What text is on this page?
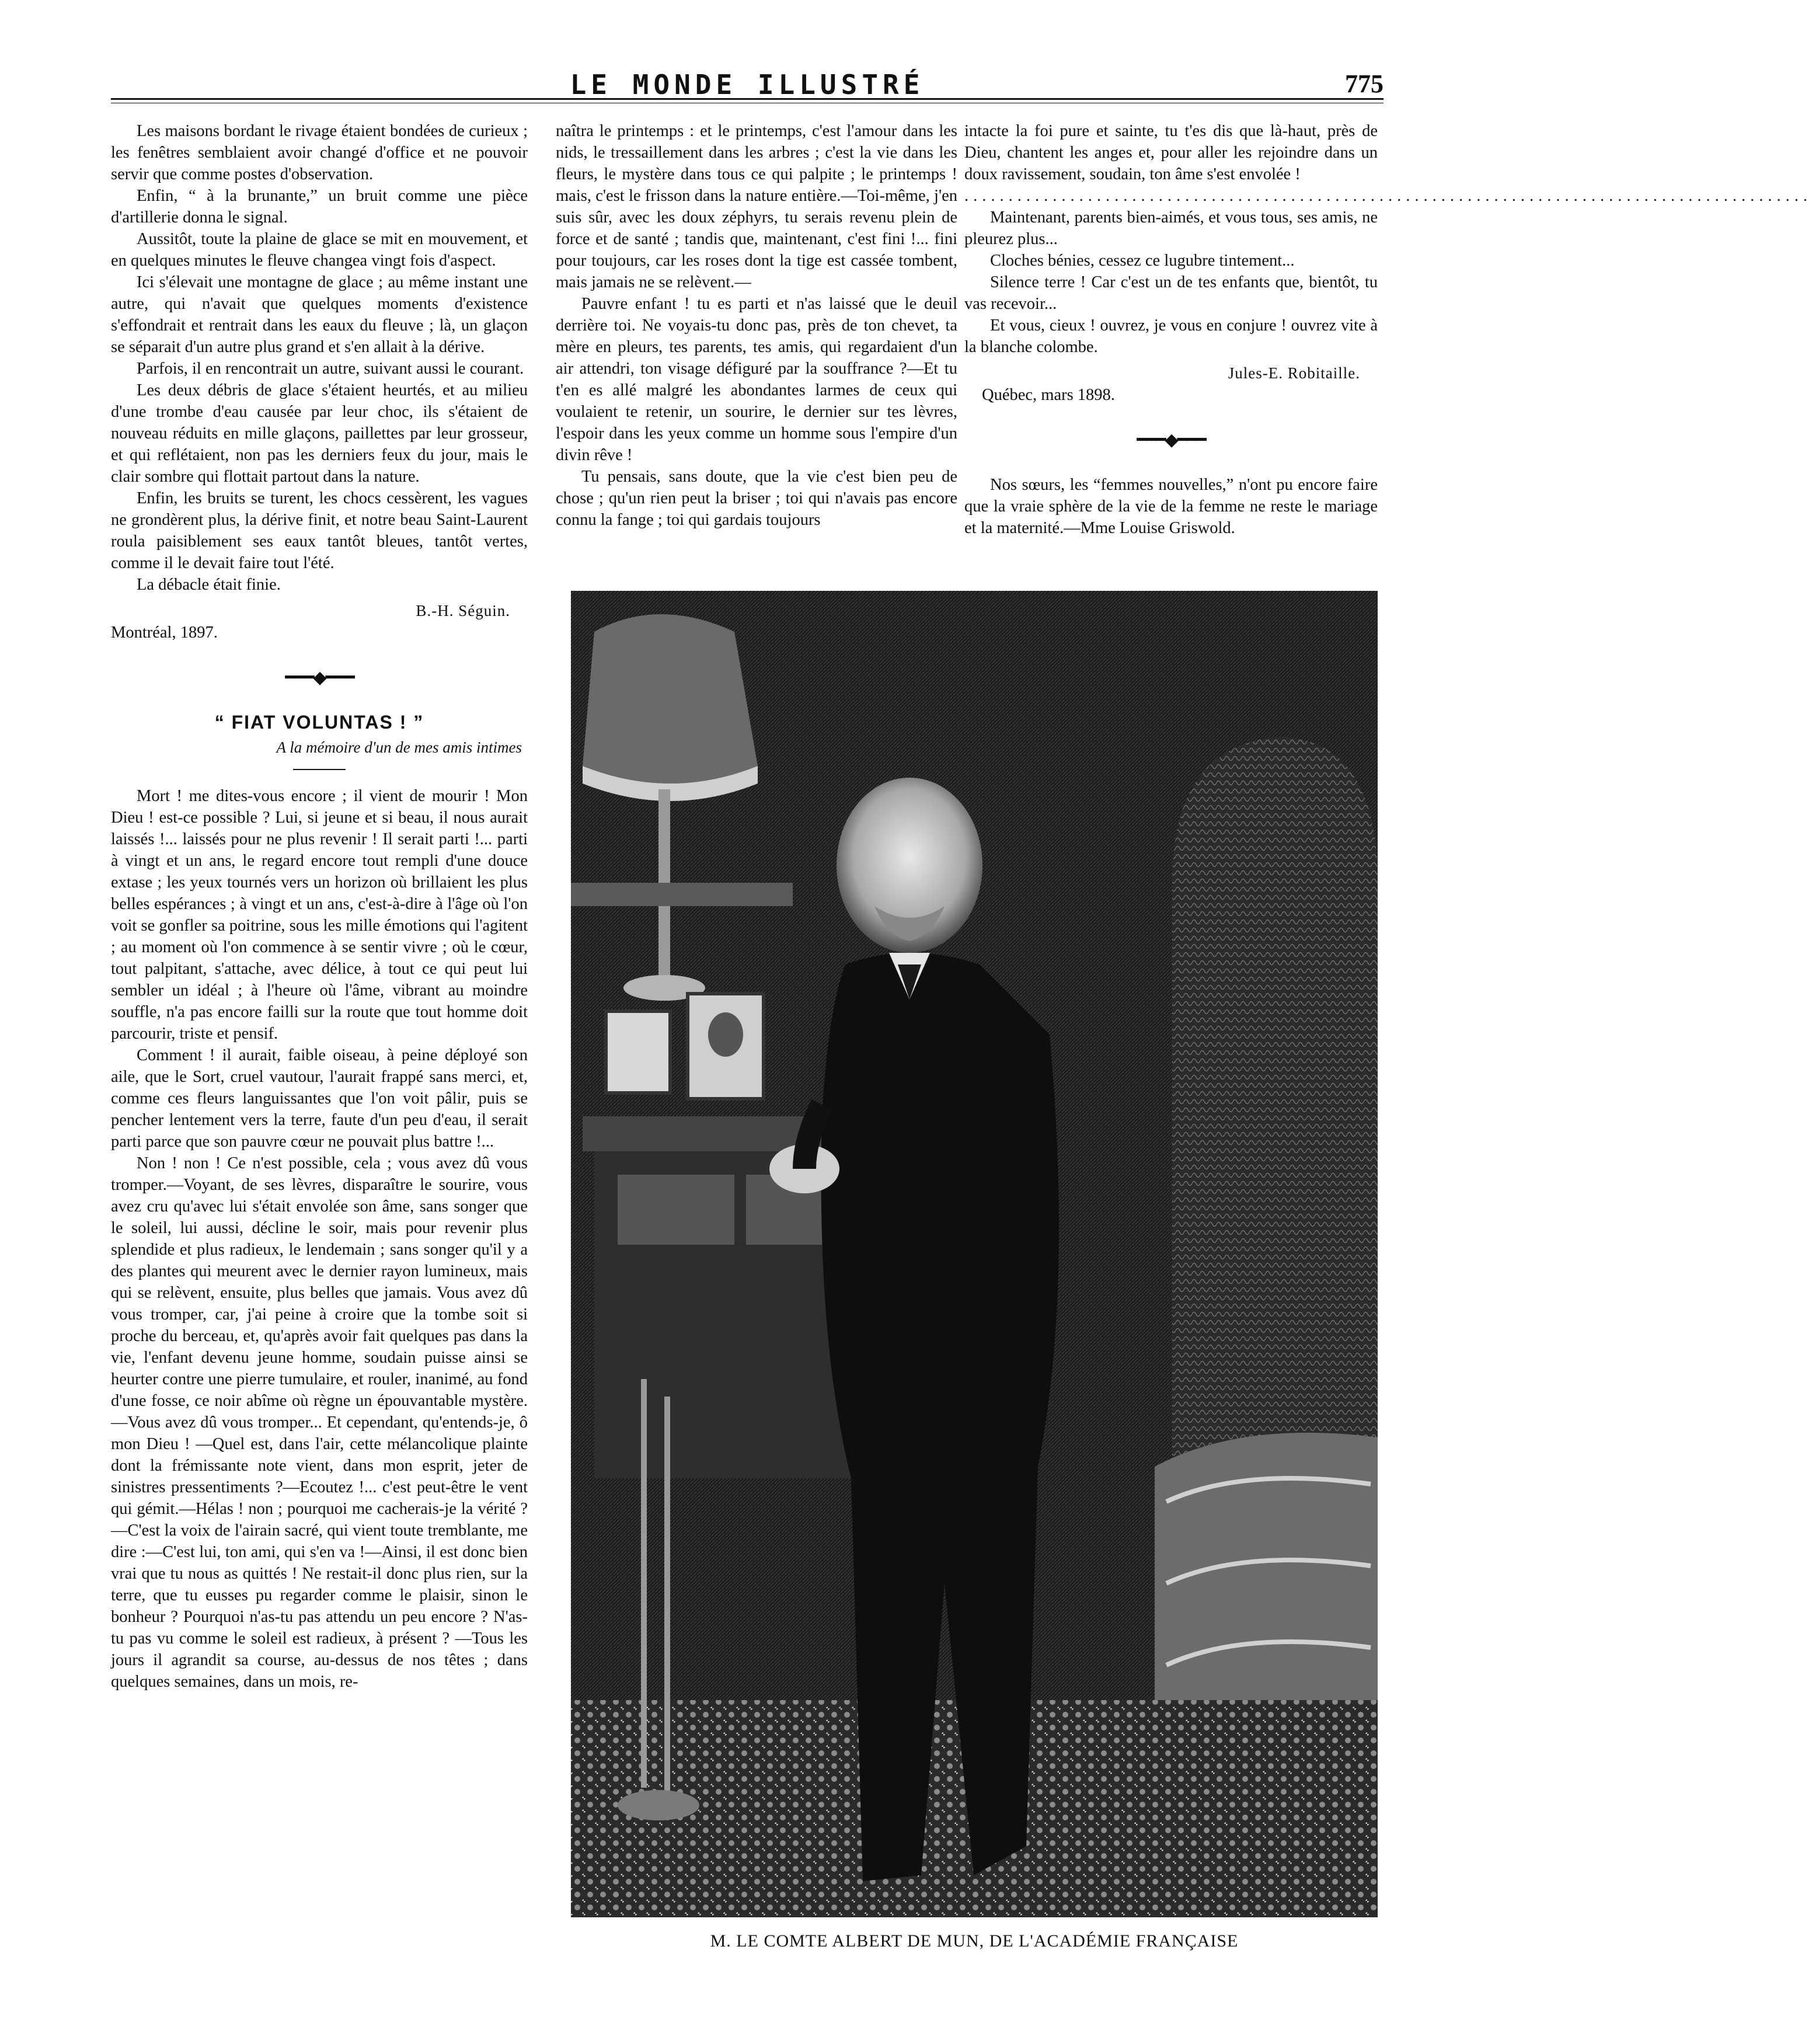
LE MONDE ILLUSTRÉ	775

Les maisons bordant le rivage étaient bondées de curieux ; les fenêtres semblaient avoir changé d'office et ne pouvoir servir que comme postes d'observation.

Enfin, “ à la brunante,” un bruit comme une pièce d'artillerie donna le signal.

Aussitôt, toute la plaine de glace se mit en mouvement, et en quelques minutes le fleuve changea vingt fois d'aspect.

Ici s'élevait une montagne de glace ; au même instant une autre, qui n'avait que quelques moments d'existence s'effondrait et rentrait dans les eaux du fleuve ; là, un glaçon se séparait d'un autre plus grand et s'en allait à la dérive.

Parfois, il en rencontrait un autre, suivant aussi le courant.

Les deux débris de glace s'étaient heurtés, et au milieu d'une trombe d'eau causée par leur choc, ils s'étaient de nouveau réduits en mille glaçons, paillettes par leur grosseur, et qui reflétaient, non pas les derniers feux du jour, mais le clair sombre qui flottait partout dans la nature.

Enfin, les bruits se turent, les chocs cessèrent, les vagues ne grondèrent plus, la dérive finit, et notre beau Saint-Laurent roula paisiblement ses eaux tantôt bleues, tantôt vertes, comme il le devait faire tout l'été.

La débacle était finie.

B.-H. Séguin.

Montréal, 1897.

━━━◆━━━
“ FIAT VOLUNTAS ! ”
A la mémoire d'un de mes amis intimes

Mort ! me dites-vous encore ; il vient de mourir ! Mon Dieu ! est-ce possible ? Lui, si jeune et si beau, il nous aurait laissés !... laissés pour ne plus revenir ! Il serait parti !... parti à vingt et un ans, le regard encore tout rempli d'une douce extase ; les yeux tournés vers un horizon où brillaient les plus belles espérances ; à vingt et un ans, c'est-à-dire à l'âge où l'on voit se gonfler sa poitrine, sous les mille émotions qui l'agitent ; au moment où l'on commence à se sentir vivre ; où le cœur, tout palpitant, s'attache, avec délice, à tout ce qui peut lui sembler un idéal ; à l'heure où l'âme, vibrant au moindre souffle, n'a pas encore failli sur la route que tout homme doit parcourir, triste et pensif.

Comment ! il aurait, faible oiseau, à peine déployé son aile, que le Sort, cruel vautour, l'aurait frappé sans merci, et, comme ces fleurs languissantes que l'on voit pâlir, puis se pencher lentement vers la terre, faute d'un peu d'eau, il serait parti parce que son pauvre cœur ne pouvait plus battre !...

Non ! non ! Ce n'est possible, cela ; vous avez dû vous tromper.—Voyant, de ses lèvres, disparaître le sourire, vous avez cru qu'avec lui s'était envolée son âme, sans songer que le soleil, lui aussi, décline le soir, mais pour revenir plus splendide et plus radieux, le lendemain ; sans songer qu'il y a des plantes qui meurent avec le dernier rayon lumineux, mais qui se relèvent, ensuite, plus belles que jamais. Vous avez dû vous tromper, car, j'ai peine à croire que la tombe soit si proche du berceau, et, qu'après avoir fait quelques pas dans la vie, l'enfant devenu jeune homme, soudain puisse ainsi se heurter contre une pierre tumulaire, et rouler, inanimé, au fond d'une fosse, ce noir abîme où règne un épouvantable mystère.—Vous avez dû vous tromper... Et cependant, qu'entends-je, ô mon Dieu ! —Quel est, dans l'air, cette mélancolique plainte dont la frémissante note vient, dans mon esprit, jeter de sinistres pressentiments ?—Ecoutez !... c'est peut-être le vent qui gémit.—Hélas ! non ; pourquoi me cacherais-je la vérité ?—C'est la voix de l'airain sacré, qui vient toute tremblante, me dire :—C'est lui, ton ami, qui s'en va !—Ainsi, il est donc bien vrai que tu nous as quittés ! Ne restait-il donc plus rien, sur la terre, que tu eusses pu regarder comme le plaisir, sinon le bonheur ? Pourquoi n'as-tu pas attendu un peu encore ? N'as-tu pas vu comme le soleil est radieux, à présent ? —Tous les jours il agrandit sa course, au-dessus de nos têtes ; dans quelques semaines, dans un mois, re-

naîtra le printemps : et le printemps, c'est l'amour dans les nids, le tressaillement dans les arbres ; c'est la vie dans les fleurs, le mystère dans tous ce qui palpite ; le printemps ! mais, c'est le frisson dans la nature entière.—Toi-même, j'en suis sûr, avec les doux zéphyrs, tu serais revenu plein de force et de santé ; tandis que, maintenant, c'est fini !... fini pour toujours, car les roses dont la tige est cassée tombent, mais jamais ne se relèvent.—

Pauvre enfant ! tu es parti et n'as laissé que le deuil derrière toi. Ne voyais-tu donc pas, près de ton chevet, ta mère en pleurs, tes parents, tes amis, qui regardaient d'un air attendri, ton visage défiguré par la souffrance ?—Et tu t'en es allé malgré les abondantes larmes de ceux qui voulaient te retenir, un sourire, le dernier sur tes lèvres, l'espoir dans les yeux comme un homme sous l'empire d'un divin rêve !

Tu pensais, sans doute, que la vie c'est bien peu de chose ; qu'un rien peut la briser ; toi qui n'avais pas encore connu la fange ; toi qui gardais toujours

intacte la foi pure et sainte, tu t'es dis que là-haut, près de Dieu, chantent les anges et, pour aller les rejoindre dans un doux ravissement, soudain, ton âme s'est envolée !

................................................................................................

Maintenant, parents bien-aimés, et vous tous, ses amis, ne pleurez plus...

Cloches bénies, cessez ce lugubre tintement...

Silence terre ! Car c'est un de tes enfants que, bientôt, tu vas recevoir...

Et vous, cieux ! ouvrez, je vous en conjure ! ouvrez vite à la blanche colombe.

Jules-E. Robitaille.

Québec, mars 1898.

━━━◆━━━

Nos sœurs, les “femmes nouvelles,” n'ont pu encore faire que la vraie sphère de la vie de la femme ne reste le mariage et la maternité.—Mme Louise Griswold.

M. LE COMTE ALBERT DE MUN, DE L'ACADÉMIE FRANÇAISE
